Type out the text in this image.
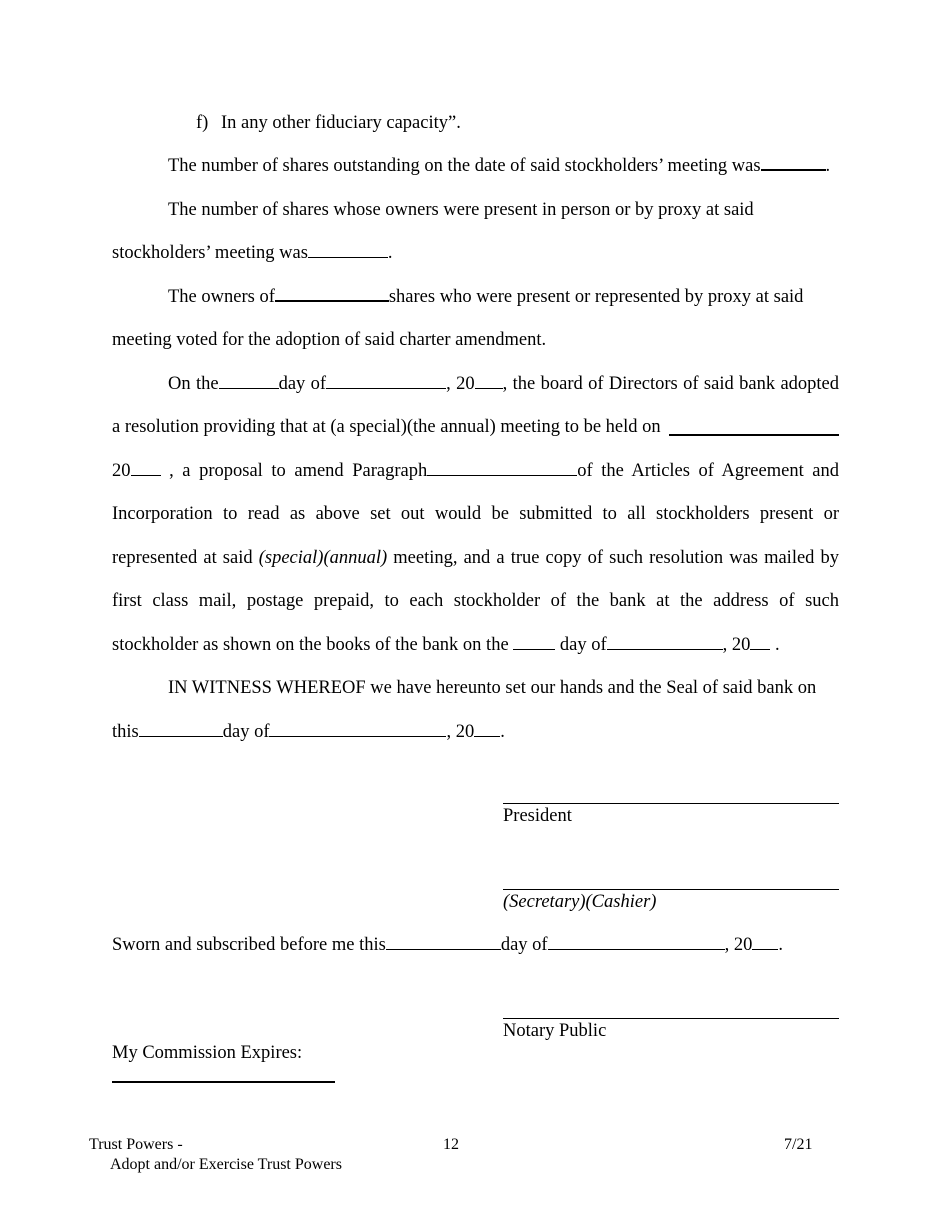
f) In any other fiduciary capacity”.
The number of shares outstanding on the date of said stockholders’ meeting was	.
The number of shares whose owners were present in person or by proxy at said
stockholders’ meeting was	.
The owners of	shares who were present or represented by proxy at said
meeting voted for the adoption of said charter amendment.
On the	day of	, 20 , the board of Directors of said bank adopted
a resolution providing that at (a special)(the annual) meeting to be held on
20 , a proposal to amend Paragraph	of the Articles of Agreement and
Incorporation to read as above set out would be submitted to all stockholders present or
represented at said (special)(annual) meeting, and a true copy of such resolution was mailed by
first class mail, postage prepaid, to each stockholder of the bank at the address of such
stockholder as shown on the books of the bank on the	day of	, 20 .
IN WITNESS WHEREOF we have hereunto set our hands and the Seal of said bank on
this	day of	, 20 .
President
(Secretary)(Cashier)
Sworn and subscribed before me this	day of	, 20 .
Notary Public
My Commission Expires:
Trust Powers -
Adopt and/or Exercise Trust Powers
12	7/21
